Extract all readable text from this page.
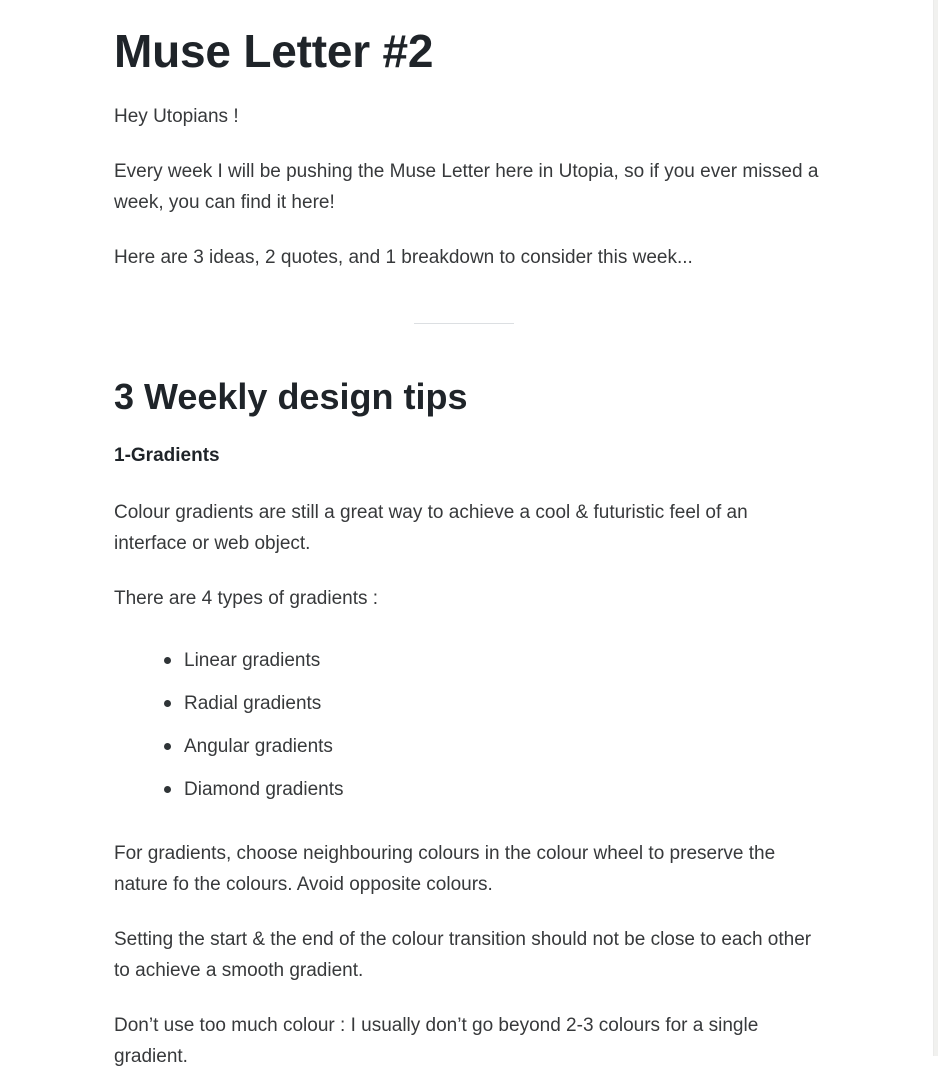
Muse Letter #2

Hey Utopians !

Every week I will be pushing the Muse Letter here in Utopia, so if you ever missed a week, you can find it here!

Here are 3 ideas, 2 quotes, and 1 breakdown to consider this week...

3 Weekly design tips

1-Gradients

Colour gradients are still a great way to achieve a cool & futuristic feel of an interface or web object.

There are 4 types of gradients :

Linear gradients
Radial gradients
Angular gradients
Diamond gradients

For gradients, choose neighbouring colours in the colour wheel to preserve the nature fo the colours. Avoid opposite colours.

Setting the start & the end of the colour transition should not be close to each other to achieve a smooth gradient.

Don’t use too much colour : I usually don’t go beyond 2-3 colours for a single gradient.
